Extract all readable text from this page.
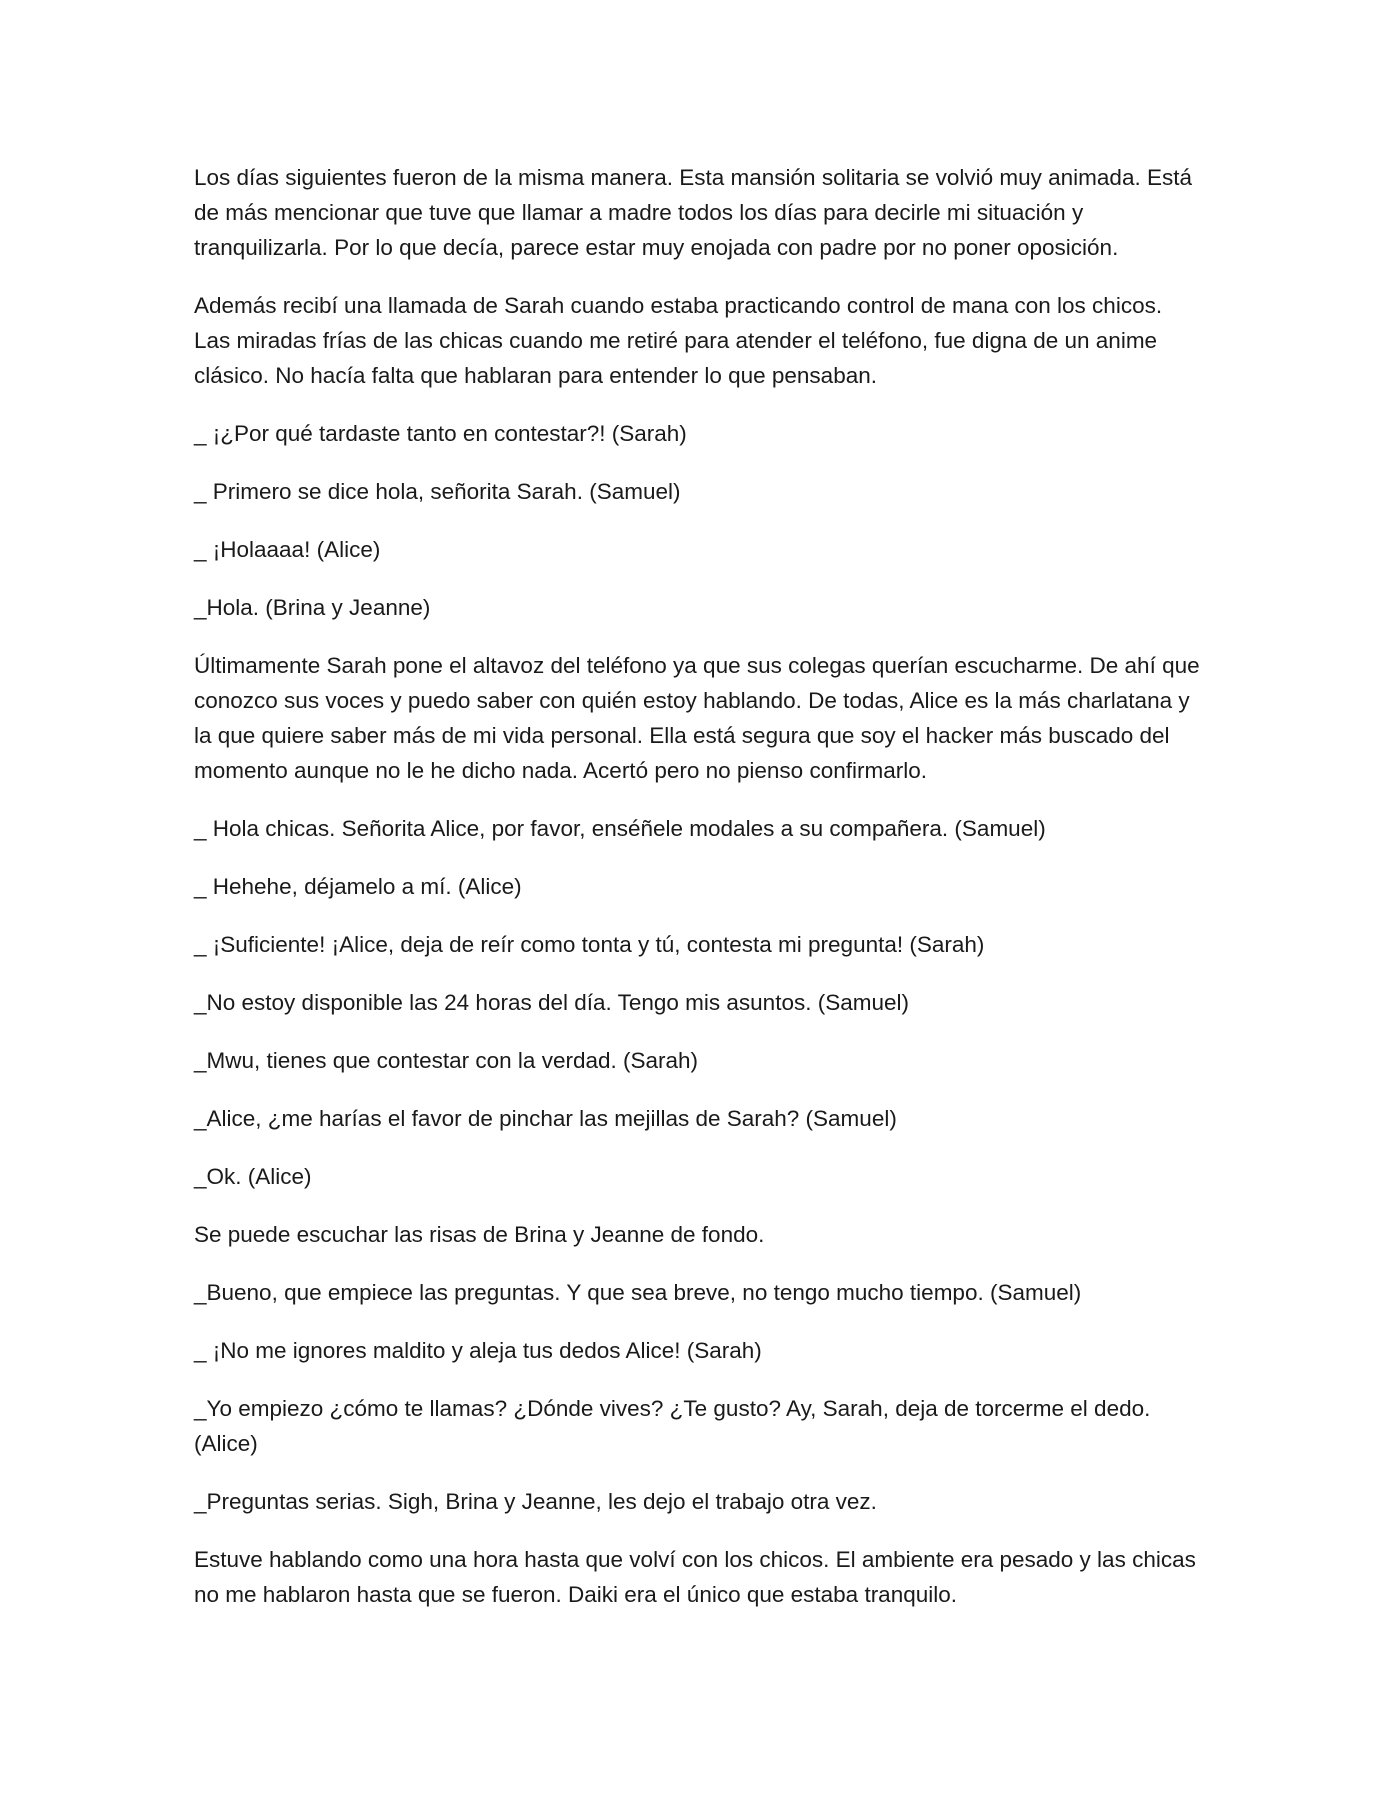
Los días siguientes fueron de la misma manera. Esta mansión solitaria se volvió muy animada. Está de más mencionar que tuve que llamar a madre todos los días para decirle mi situación y tranquilizarla. Por lo que decía, parece estar muy enojada con padre por no poner oposición.

Además recibí una llamada de Sarah cuando estaba practicando control de mana con los chicos. Las miradas frías de las chicas cuando me retiré para atender el teléfono, fue digna de un anime clásico. No hacía falta que hablaran para entender lo que pensaban.

_ ¡¿Por qué tardaste tanto en contestar?! (Sarah)

_ Primero se dice hola, señorita Sarah. (Samuel)

_ ¡Holaaaa! (Alice)

_Hola. (Brina y Jeanne)

Últimamente Sarah pone el altavoz del teléfono ya que sus colegas querían escucharme. De ahí que conozco sus voces y puedo saber con quién estoy hablando. De todas, Alice es la más charlatana y la que quiere saber más de mi vida personal. Ella está segura que soy el hacker más buscado del momento aunque no le he dicho nada. Acertó pero no pienso confirmarlo.

_ Hola chicas. Señorita Alice, por favor, enséñele modales a su compañera. (Samuel)

_ Hehehe, déjamelo a mí. (Alice)

_ ¡Suficiente! ¡Alice, deja de reír como tonta y tú, contesta mi pregunta! (Sarah)

_No estoy disponible las 24 horas del día. Tengo mis asuntos. (Samuel)

_Mwu, tienes que contestar con la verdad. (Sarah)

_Alice, ¿me harías el favor de pinchar las mejillas de Sarah? (Samuel)

_Ok. (Alice)

Se puede escuchar las risas de Brina y Jeanne de fondo.

_Bueno, que empiece las preguntas. Y que sea breve, no tengo mucho tiempo. (Samuel)

_ ¡No me ignores maldito y aleja tus dedos Alice! (Sarah)

_Yo empiezo ¿cómo te llamas? ¿Dónde vives? ¿Te gusto? Ay, Sarah, deja de torcerme el dedo. (Alice)

_Preguntas serias. Sigh, Brina y Jeanne, les dejo el trabajo otra vez.

Estuve hablando como una hora hasta que volví con los chicos. El ambiente era pesado y las chicas no me hablaron hasta que se fueron. Daiki era el único que estaba tranquilo.
